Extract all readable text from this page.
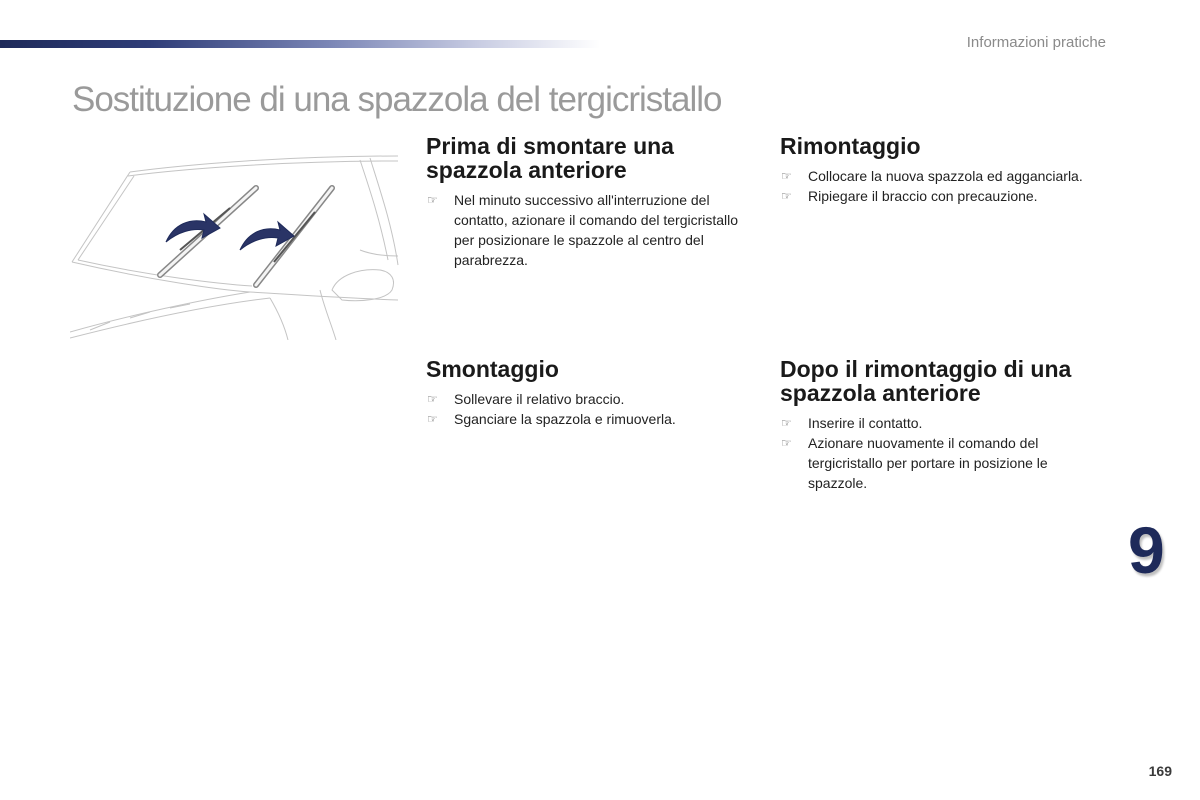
Informazioni pratiche
Sostituzione di una spazzola del tergicristallo
Prima di smontare una spazzola anteriore
☞ Nel minuto successivo all'interruzione del contatto, azionare il comando del tergicristallo per posizionare le spazzole al centro del parabrezza.
Rimontaggio
☞ Collocare la nuova spazzola ed agganciarla.
☞ Ripiegare il braccio con precauzione.
Smontaggio
☞ Sollevare il relativo braccio.
☞ Sganciare la spazzola e rimuoverla.
Dopo il rimontaggio di una spazzola anteriore
☞ Inserire il contatto.
☞ Azionare nuovamente il comando del tergicristallo per portare in posizione le spazzole.
9
169
